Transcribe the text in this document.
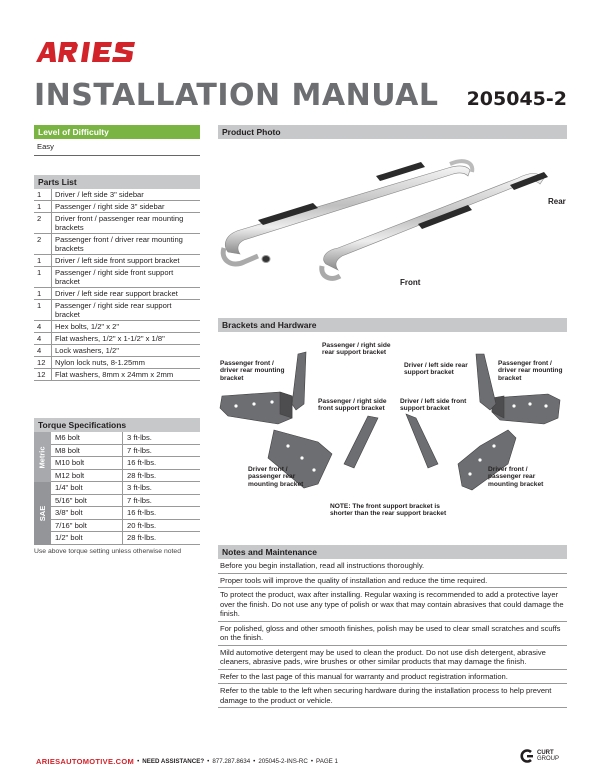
ARIES
INSTALLATION MANUAL 205045-2
Level of Difficulty
Easy
Parts List
1	Driver / left side 3" sidebar
1	Passenger / right side 3" sidebar
2	Driver front / passenger rear mounting brackets
2	Passenger front / driver rear mounting brackets
1	Driver / left side front support bracket
1	Passenger / right side front support bracket
1	Driver / left side rear support bracket
1	Passenger / right side rear support bracket
4	Hex bolts, 1/2" x 2"
4	Flat washers, 1/2" x 1-1/2" x 1/8"
4	Lock washers, 1/2"
12	Nylon lock nuts, 8-1.25mm
12	Flat washers, 8mm x 24mm x 2mm
Torque Specifications
Metric
SAE
M6 bolt	3 ft-lbs.
M8 bolt	7 ft-lbs.
M10 bolt	16 ft-lbs.
M12 bolt	28 ft-lbs.
1/4" bolt	3 ft-lbs.
5/16" bolt	7 ft-lbs.
3/8" bolt	16 ft-lbs.
7/16" bolt	20 ft-lbs.
1/2" bolt	28 ft-lbs.
Use above torque setting unless otherwise noted
Product Photo
Rear
Front
Brackets and Hardware
Passenger front / driver rear mounting bracket
Passenger / right side rear support bracket
Driver / left side rear support bracket
Passenger front / driver rear mounting bracket
Passenger / right side front support bracket
Driver / left side front support bracket
Driver front / passenger rear mounting bracket
Driver front / passenger rear mounting bracket
NOTE: The front support bracket is shorter than the rear support bracket
Notes and Maintenance
Before you begin installation, read all instructions thoroughly.
Proper tools will improve the quality of installation and reduce the time required.
To protect the product, wax after installing. Regular waxing is recommended to add a protective layer over the finish. Do not use any type of polish or wax that may contain abrasives that could damage the finish.
For polished, gloss and other smooth finishes, polish may be used to clear small scratches and scuffs on the finish.
Mild automotive detergent may be used to clean the product. Do not use dish detergent, abrasive cleaners, abrasive pads, wire brushes or other similar products that may damage the finish.
Refer to the last page of this manual for warranty and product registration information.
Refer to the table to the left when securing hardware during the installation process to help prevent damage to the product or vehicle.
ARIESAUTOMOTIVE.COM • NEED ASSISTANCE? • 877.287.8634 • 205045-2-INS-RC • PAGE 1
CURT
GROUP
